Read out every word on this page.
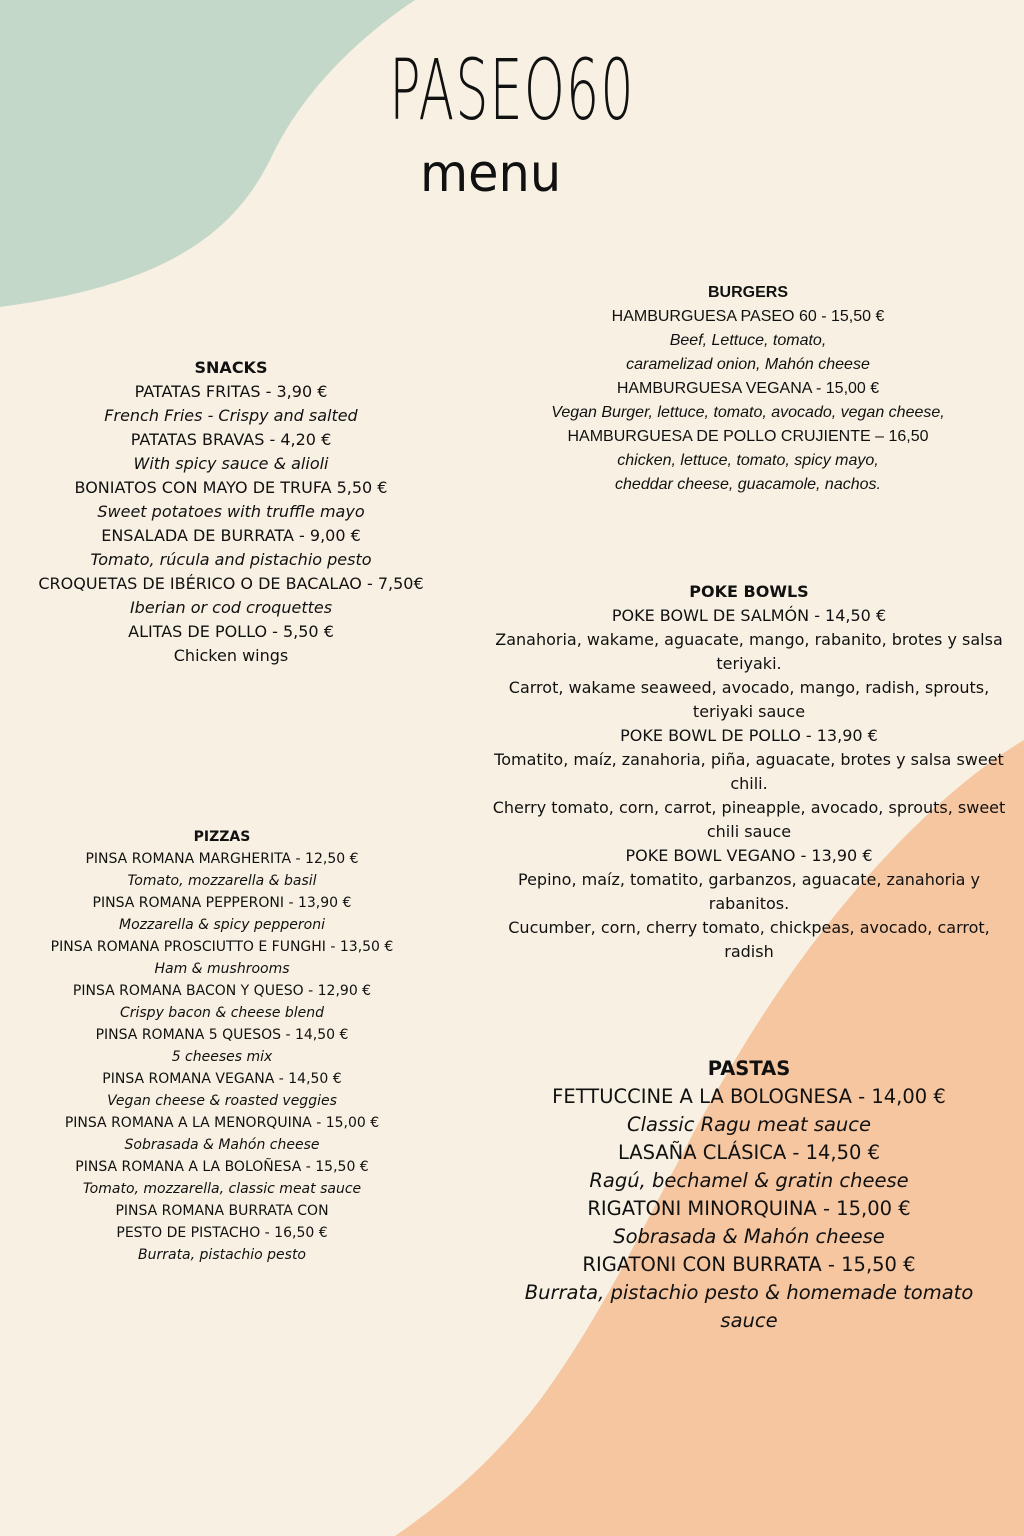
PASEO60
menu
SNACKS
PATATAS FRITAS - 3,90 €
French Fries - Crispy and salted
PATATAS BRAVAS - 4,20 €
With spicy sauce & alioli
BONIATOS CON MAYO DE TRUFA 5,50 €
Sweet potatoes with truffle mayo
ENSALADA DE BURRATA - 9,00 €
Tomato, rúcula and pistachio pesto
CROQUETAS DE IBÉRICO O DE BACALAO - 7,50€
Iberian or cod croquettes
ALITAS DE POLLO - 5,50 €
Chicken wings
PIZZAS
PINSA ROMANA MARGHERITA - 12,50 €
Tomato, mozzarella & basil
PINSA ROMANA PEPPERONI - 13,90 €
Mozzarella & spicy pepperoni
PINSA ROMANA PROSCIUTTO E FUNGHI - 13,50 €
Ham & mushrooms
PINSA ROMANA BACON Y QUESO - 12,90 €
Crispy bacon & cheese blend
PINSA ROMANA 5 QUESOS - 14,50 €
5 cheeses mix
PINSA ROMANA VEGANA - 14,50 €
Vegan cheese & roasted veggies
PINSA ROMANA A LA MENORQUINA - 15,00 €
Sobrasada & Mahón cheese
PINSA ROMANA A LA BOLOÑESA - 15,50 €
Tomato, mozzarella, classic meat sauce
PINSA ROMANA BURRATA CON
PESTO DE PISTACHO - 16,50 €
Burrata, pistachio pesto
BURGERS
HAMBURGUESA PASEO 60 - 15,50 €
Beef, Lettuce, tomato,
caramelizad onion, Mahón cheese
HAMBURGUESA VEGANA - 15,00 €
Vegan Burger, lettuce, tomato, avocado, vegan cheese,
HAMBURGUESA DE POLLO CRUJIENTE – 16,50
chicken, lettuce, tomato, spicy mayo,
cheddar cheese, guacamole, nachos.
POKE BOWLS
POKE BOWL DE SALMÓN - 14,50 €
Zanahoria, wakame, aguacate, mango, rabanito, brotes y salsa teriyaki.
Carrot, wakame seaweed, avocado, mango, radish, sprouts, teriyaki sauce
POKE BOWL DE POLLO - 13,90 €
Tomatito, maíz, zanahoria, piña, aguacate, brotes y salsa sweet chili.
Cherry tomato, corn, carrot, pineapple, avocado, sprouts, sweet chili sauce
POKE BOWL VEGANO - 13,90 €
Pepino, maíz, tomatito, garbanzos, aguacate, zanahoria y rabanitos.
Cucumber, corn, cherry tomato, chickpeas, avocado, carrot, radish
PASTAS
FETTUCCINE A LA BOLOGNESA - 14,00 €
Classic Ragu meat sauce
LASAÑA CLÁSICA - 14,50 €
Ragú, bechamel & gratin cheese
RIGATONI MINORQUINA - 15,00 €
Sobrasada & Mahón cheese
RIGATONI CON BURRATA - 15,50 €
Burrata, pistachio pesto & homemade tomato sauce
